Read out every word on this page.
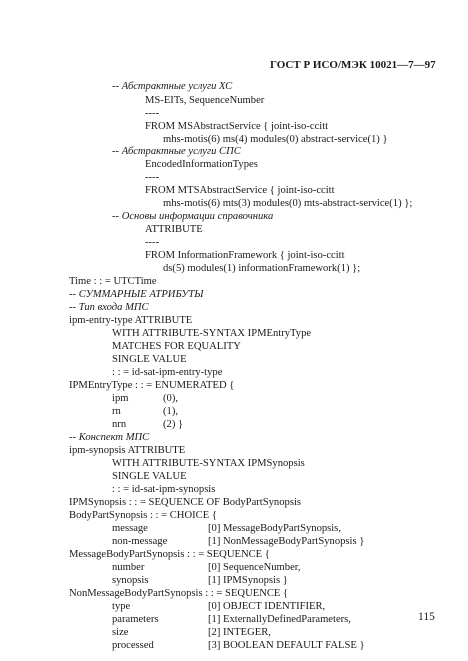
ГОСТ Р ИСО/МЭК 10021—7—97
-- Абстрактные услуги ХС
MS-EITs, SequenceNumber
----
FROM MSAbstractService { joint-iso-ccitt
mhs-motis(6) ms(4) modules(0) abstract-service(1) }
-- Абстрактные услуги СПС
EncodedInformationTypes
----
FROM MTSAbstractService { joint-iso-ccitt
mhs-motis(6) mts(3) modules(0) mts-abstract-service(1) };
-- Основы информации справочника
ATTRIBUTE
----
FROM InformationFramework { joint-iso-ccitt
ds(5) modules(1) informationFramework(1) };
Time : : = UTCTime
-- СУММАРНЫЕ АТРИБУТЫ
-- Тип входа МПС
ipm-entry-type ATTRIBUTE
WITH ATTRIBUTE-SYNTAX IPMEntryType
MATCHES FOR EQUALITY
SINGLE VALUE
: : = id-sat-ipm-entry-type
IPMEntryType : : = ENUMERATED {
ipm	(0),
rn	(1),
nrn	(2) }
-- Конспект МПС
ipm-synopsis ATTRIBUTE
WITH ATTRIBUTE-SYNTAX IPMSynopsis
SINGLE VALUE
: : = id-sat-ipm-synopsis
IPMSynopsis : : = SEQUENCE OF BodyPartSynopsis
BodyPartSynopsis : : = CHOICE {
message	[0] MessageBodyPartSynopsis,
non-message	[1] NonMessageBodyPartSynopsis }
MessageBodyPartSynopsis : : = SEQUENCE {
number	[0] SequenceNumber,
synopsis	[1] IPMSynopsis }
NonMessageBodyPartSynopsis : : = SEQUENCE {
type	[0] OBJECT IDENTIFIER,
parameters	[1] ExternallyDefinedParameters,
size	[2] INTEGER,
processed	[3] BOOLEAN DEFAULT FALSE }
115
